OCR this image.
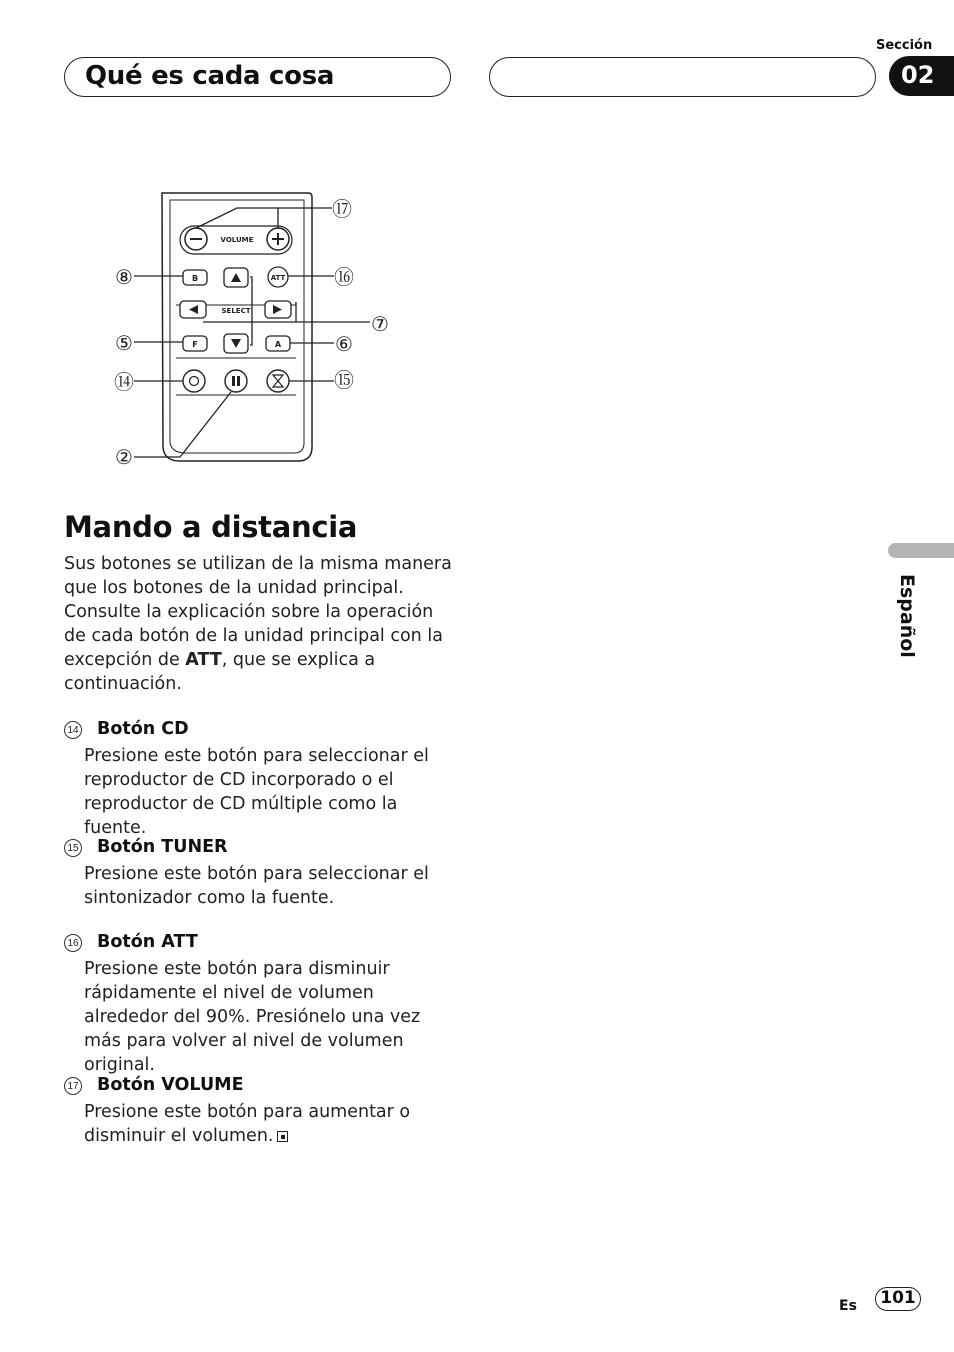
Qué es cada cosa
Sección
02
Español
VOLUME
B	ATT
SELECT
F	A
⑰
⑧	⑯
⑦
⑤	⑥
⑭	⑮
②
Mando a distancia

Sus botones se utilizan de la misma manera que los botones de la unidad principal. Consulte la explicación sobre la operación de cada botón de la unidad principal con la excepción de ATT, que se explica a continuación.

14 Botón CD

Presione este botón para seleccionar el reproductor de CD incorporado o el reproductor de CD múltiple como la fuente.

15 Botón TUNER

Presione este botón para seleccionar el sintonizador como la fuente.

16 Botón ATT

Presione este botón para disminuir rápidamente el nivel de volumen alrededor del 90%. Presiónelo una vez más para volver al nivel de volumen original.

17 Botón VOLUME

Presione este botón para aumentar o disminuir el volumen.

Es	101
